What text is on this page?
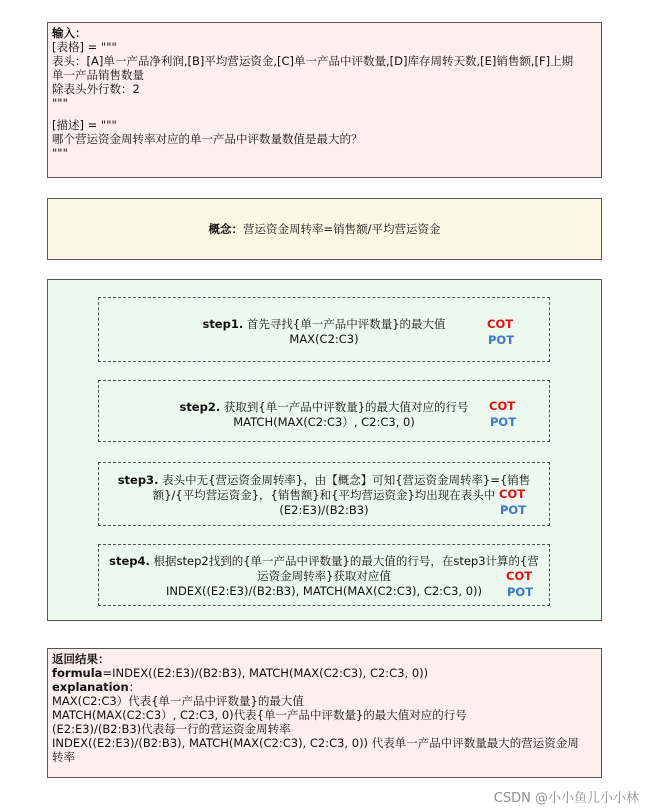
输入：
[表格] = """
表头：[A]单一产品净利润,[B]平均营运资金,[C]单一产品中评数量,[D]库存周转天数,[E]销售额,[F]上期
单一产品销售数量
除表头外行数：2
"""
[描述] = """
哪个营运资金周转率对应的单一产品中评数量数值是最大的？
"""
概念： 营运资金周转率=销售额/平均营运资金
step1. 首先寻找{单一产品中评数量}的最大值
MAX(C2:C3)
COT
POT
step2. 获取到{单一产品中评数量}的最大值对应的行号
MATCH(MAX(C2:C3）, C2:C3, 0)
COT
POT
step3. 表头中无{营运资金周转率}，由【概念】可知{营运资金周转率}={销售
额}/{平均营运资金}，{销售额}和{平均营运资金}均出现在表头中
(E2:E3)/(B2:B3)
COT
POT
step4. 根据step2找到的{单一产品中评数量}的最大值的行号，在step3计算的{营
运资金周转率}获取对应值
INDEX((E2:E3)/(B2:B3), MATCH(MAX(C2:C3), C2:C3, 0))
COT
POT
返回结果：
formula=INDEX((E2:E3)/(B2:B3), MATCH(MAX(C2:C3), C2:C3, 0))
explanation：
MAX(C2:C3）代表{单一产品中评数量}的最大值
MATCH(MAX(C2:C3）, C2:C3, 0)代表{单一产品中评数量}的最大值对应的行号
(E2:E3)/(B2:B3)代表每一行的营运资金周转率
INDEX((E2:E3)/(B2:B3), MATCH(MAX(C2:C3), C2:C3, 0)) 代表单一产品中评数量最大的营运资金周
转率
CSDN @小小鱼儿小小林
